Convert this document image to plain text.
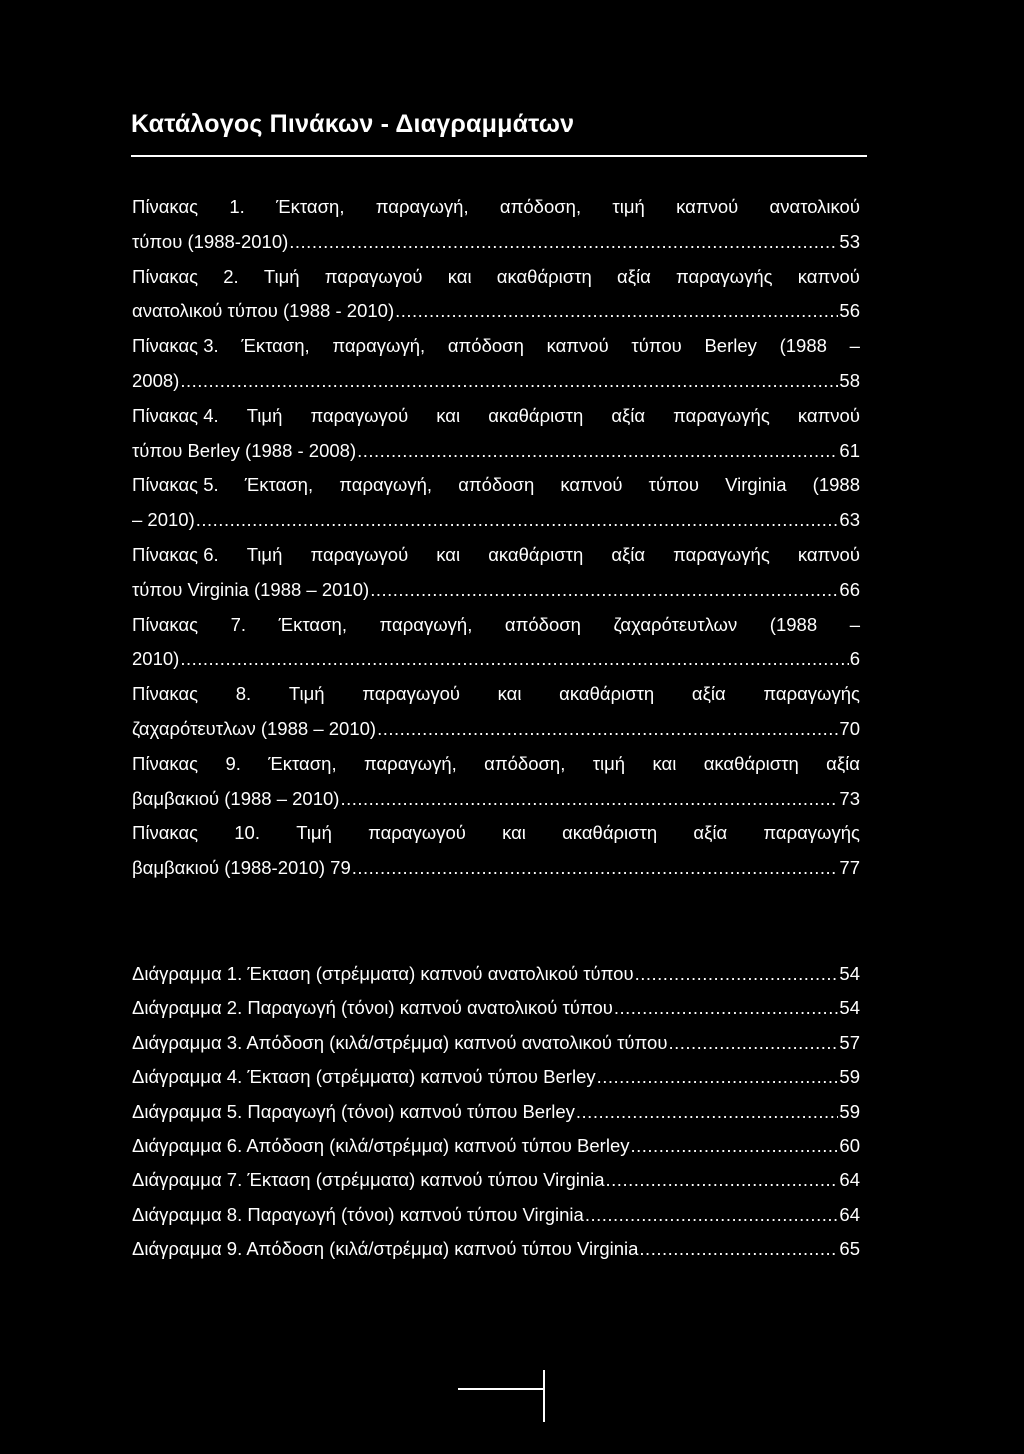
Κατάλογος Πινάκων - Διαγραμμάτων
Πίνακας 1. Έκταση, παραγωγή, απόδοση, τιμή καπνού ανατολικού
τύπου (1988-2010) .....	53
Πίνακας 2. Τιμή παραγωγού και ακαθάριστη αξία παραγωγής καπνού
ανατολικού τύπου (1988 - 2010) .....	56
Πίνακας 3. Έκταση, παραγωγή, απόδοση καπνού τύπου Berley (1988 –
2008) .....	58
Πίνακας 4. Τιμή παραγωγού και ακαθάριστη αξία παραγωγής καπνού
τύπου Berley (1988 - 2008) .....	61
Πίνακας 5. Έκταση, παραγωγή, απόδοση καπνού τύπου Virginia (1988
– 2010) .....	63
Πίνακας 6. Τιμή παραγωγού και ακαθάριστη αξία παραγωγής καπνού
τύπου Virginia (1988 – 2010) .....	66
Πίνακας 7. Έκταση, παραγωγή, απόδοση ζαχαρότευτλων (1988 –
2010) .....	6
Πίνακας 8. Τιμή παραγωγού και ακαθάριστη αξία παραγωγής
ζαχαρότευτλων (1988 – 2010) .....	70
Πίνακας 9. Έκταση, παραγωγή, απόδοση, τιμή και ακαθάριστη αξία
βαμβακιού (1988 – 2010) .....	73
Πίνακας 10. Τιμή παραγωγού και ακαθάριστη αξία παραγωγής
βαμβακιού (1988-2010) 79 .....	77
Διάγραμμα 1. Έκταση (στρέμματα) καπνού ανατολικού τύπου .....	54
Διάγραμμα 2. Παραγωγή (τόνοι) καπνού ανατολικού τύπου .....	54
Διάγραμμα 3. Απόδοση (κιλά/στρέμμα) καπνού ανατολικού τύπου .....	57
Διάγραμμα 4. Έκταση (στρέμματα) καπνού τύπου Berley .....	59
Διάγραμμα 5. Παραγωγή (τόνοι) καπνού τύπου Berley .....	59
Διάγραμμα 6. Απόδοση (κιλά/στρέμμα) καπνού τύπου Berley .....	60
Διάγραμμα 7. Έκταση (στρέμματα) καπνού τύπου Virginia .....	64
Διάγραμμα 8. Παραγωγή (τόνοι) καπνού τύπου Virginia .....	64
Διάγραμμα 9. Απόδοση (κιλά/στρέμμα) καπνού τύπου Virginia .....	65
